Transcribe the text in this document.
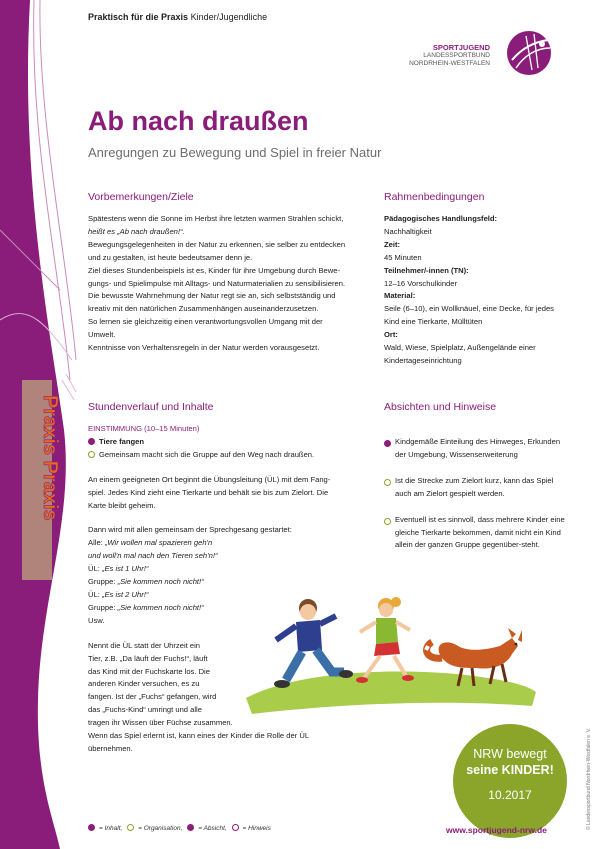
Praxis Praxis
Praktisch für die Praxis Kinder/Jugendliche
SPORTJUGEND
LANDESSPORTBUND
NORDRHEIN-WESTFALEN
Ab nach draußen
Anregungen zu Bewegung und Spiel in freier Natur
Vorbemerkungen/Ziele

Spätestens wenn die Sonne im Herbst ihre letzten warmen Strahlen schickt,

heißt es „Ab nach draußen!“.

Bewegungsgelegenheiten in der Natur zu erkennen, sie selber zu entdecken

und zu gestalten, ist heute bedeutsamer denn je.

Ziel dieses Stundenbeispiels ist es, Kinder für ihre Umgebung durch Bewe-

gungs- und Spielimpulse mit Alltags- und Naturmaterialien zu sensibilisieren.

Die bewusste Wahrnehmung der Natur regt sie an, sich selbstständig und

kreativ mit den natürlichen Zusammenhängen auseinanderzusetzen.

So lernen sie gleichzeitig einen verantwortungsvollen Umgang mit der

Umwelt.

Kenntnisse von Verhaltensregeln in der Natur werden vorausgesetzt.

Rahmenbedingungen

Pädagogisches Handlungsfeld:

Nachhaltigkeit

Zeit:

45 Minuten

Teilnehmer/-innen (TN):

12–16 Vorschulkinder

Material:

Seile (6–10), ein Wollknäuel, eine Decke, für jedes Kind eine Tierkarte, Mülltüten

Ort:

Wald, Wiese, Spielplatz, Außengelände einer Kindertageseinrichtung

Stundenverlauf und Inhalte

EINSTIMMUNG (10–15 Minuten)

Tiere fangen

Gemeinsam macht sich die Gruppe auf den Weg nach draußen.

An einem geeigneten Ort beginnt die Übungsleitung (ÜL) mit dem Fang-

spiel. Jedes Kind zieht eine Tierkarte und behält sie bis zum Zielort. Die

Karte bleibt geheim.

Dann wird mit allen gemeinsam der Sprechgesang gestartet:

Alle: „Wir wollen mal spazieren geh'n

und woll'n mal nach den Tieren seh'n!“

ÜL: „Es ist 1 Uhr!“

Gruppe: „Sie kommen noch nicht!“

ÜL: „Es ist 2 Uhr!“

Gruppe: „Sie kommen noch nicht!“

Usw.

Nennt die ÜL statt der Uhrzeit ein

Tier, z.B. „Da läuft der Fuchs!“, läuft

das Kind mit der Fuchskarte los. Die

anderen Kinder versuchen, es zu

fangen. Ist der „Fuchs“ gefangen, wird

das „Fuchs-Kind“ umringt und alle

tragen ihr Wissen über Füchse zusammen.

Wenn das Spiel erlernt ist, kann eines der Kinder die Rolle der ÜL

übernehmen.

Absichten und Hinweise
Kindgemäße Einteilung des Hinweges, Erkunden der Umgebung, Wissenserweiterung
Ist die Strecke zum Zielort kurz, kann das Spiel auch am Zielort gespielt werden.
Eventuell ist es sinnvoll, dass mehrere Kinder eine gleiche Tierkarte bekommen, damit nicht ein Kind allein der ganzen Gruppe gegenüber-steht.
NRW bewegt
seine KINDER!
10.2017
= Inhalt, = Organisation, = Absicht, = Hinweis	www.sportjugend-nrw.de	© Landessportbund Nordrhein-Westfalen e. V.
